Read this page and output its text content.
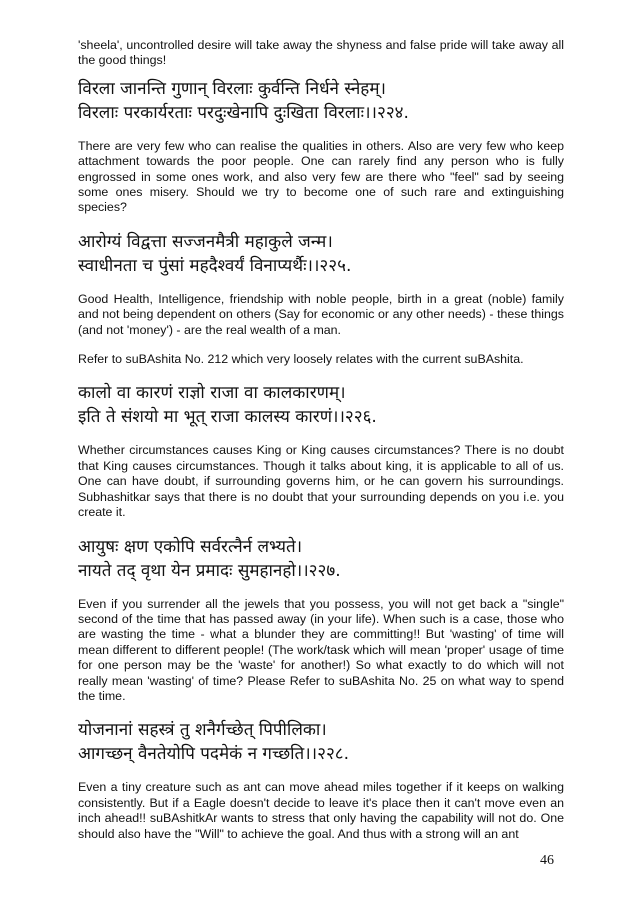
'sheela', uncontrolled desire will take away the shyness and false pride will take away all the good things!

विरला जानन्ति गुणान् विरलाः कुर्वन्ति निर्धने स्नेहम्।
विरलाः परकार्यरताः परदुःखेनापि दुःखिता विरलाः।।२२४.

There are very few who can realise the qualities in others. Also are very few who keep attachment towards the poor people. One can rarely find any person who is fully engrossed in some ones work, and also very few are there who "feel" sad by seeing some ones misery. Should we try to become one of such rare and extinguishing species?

आरोग्यं विद्वत्ता सज्जनमैत्री महाकुले जन्म।
स्वाधीनता च पुंसां महदैश्वर्यं विनाप्यर्थैः।।२२५.

Good Health, Intelligence, friendship with noble people, birth in a great (noble) family and not being dependent on others (Say for economic or any other needs) - these things (and not 'money') - are the real wealth of a man.

Refer to suBAshita No. 212 which very loosely relates with the current suBAshita.

कालो वा कारणं राज्ञो राजा वा कालकारणम्।
इति ते संशयो मा भूत् राजा कालस्य कारणं।।२२६.

Whether circumstances causes King or King causes circumstances? There is no doubt that King causes circumstances. Though it talks about king, it is applicable to all of us. One can have doubt, if surrounding governs him, or he can govern his surroundings. Subhashitkar says that there is no doubt that your surrounding depends on you i.e. you create it.

आयुषः क्षण एकोपि सर्वरत्नैर्न लभ्यते।
नायते तद् वृथा येन प्रमादः सुमहानहो।।२२७.

Even if you surrender all the jewels that you possess, you will not get back a "single" second of the time that has passed away (in your life). When such is a case, those who are wasting the time - what a blunder they are committing!! But 'wasting' of time will mean different to different people! (The work/task which will mean 'proper' usage of time for one person may be the 'waste' for another!) So what exactly to do which will not really mean 'wasting' of time? Please Refer to suBAshita No. 25 on what way to spend the time.

योजनानां सहस्त्रं तु शनैर्गच्छेत् पिपीलिका।
आगच्छन् वैनतेयोपि पदमेकं न गच्छति।।२२८.

Even a tiny creature such as ant can move ahead miles together if it keeps on walking consistently. But if a Eagle doesn't decide to leave it's place then it can't move even an inch ahead!! suBAshitkAr wants to stress that only having the capability will not do. One should also have the "Will" to achieve the goal. And thus with a strong will an ant

46
